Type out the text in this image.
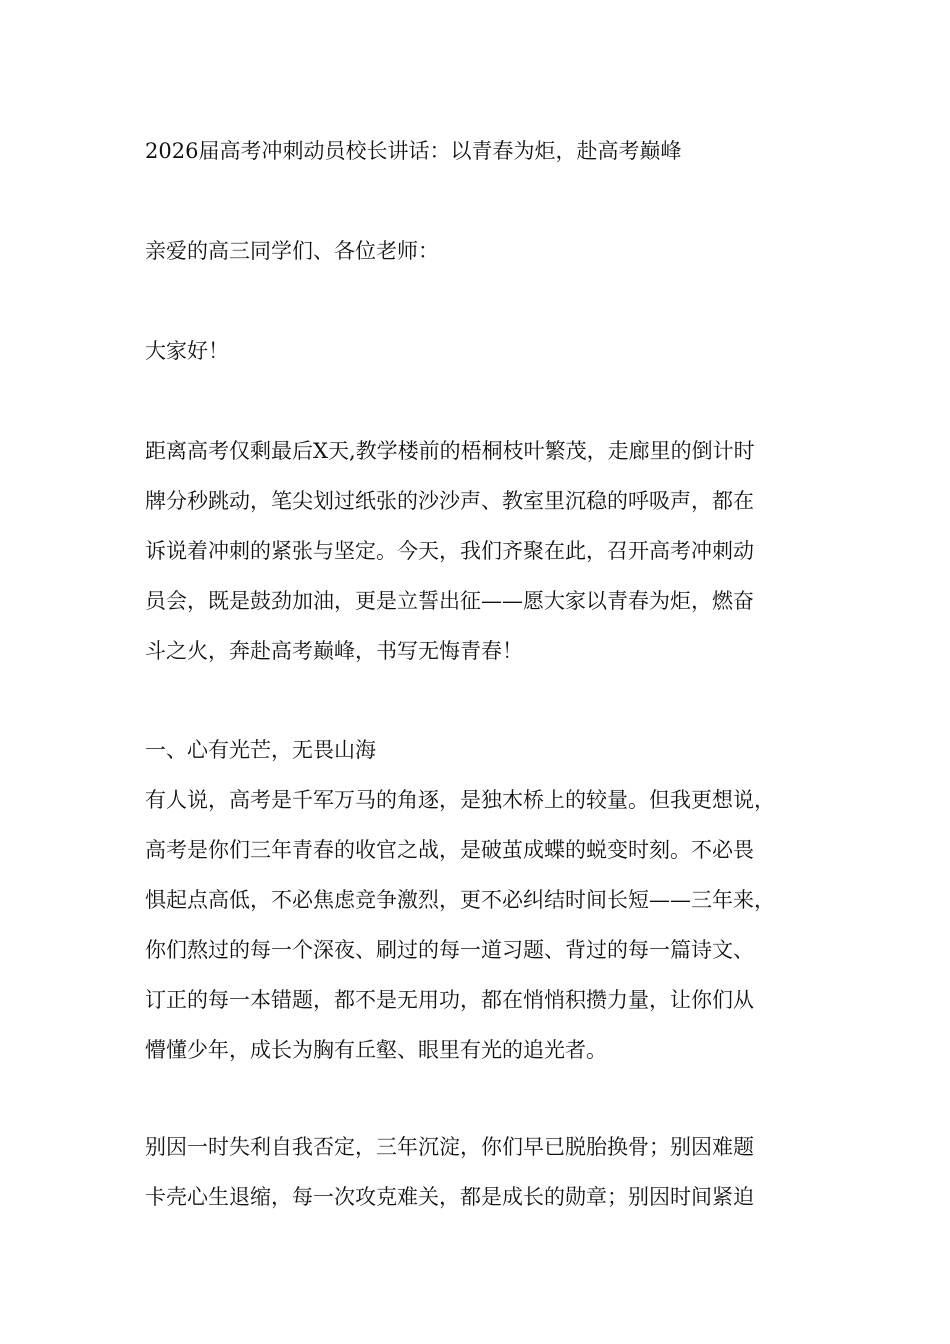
2026届高考冲刺动员校长讲话：以青春为炬，赴高考巅峰
亲爱的高三同学们、各位老师：
大家好！
距离高考仅剩最后X天,教学楼前的梧桐枝叶繁茂，走廊里的倒计时
牌分秒跳动，笔尖划过纸张的沙沙声、教室里沉稳的呼吸声，都在
诉说着冲刺的紧张与坚定。今天，我们齐聚在此，召开高考冲刺动
员会，既是鼓劲加油，更是立誓出征——愿大家以青春为炬，燃奋
斗之火，奔赴高考巅峰，书写无悔青春！
一、心有光芒，无畏山海
有人说，高考是千军万马的角逐，是独木桥上的较量。但我更想说，
高考是你们三年青春的收官之战，是破茧成蝶的蜕变时刻。不必畏
惧起点高低，不必焦虑竞争激烈，更不必纠结时间长短——三年来，
你们熬过的每一个深夜、刷过的每一道习题、背过的每一篇诗文、
订正的每一本错题，都不是无用功，都在悄悄积攒力量，让你们从
懵懂少年，成长为胸有丘壑、眼里有光的追光者。
别因一时失利自我否定，三年沉淀，你们早已脱胎换骨；别因难题
卡壳心生退缩，每一次攻克难关，都是成长的勋章；别因时间紧迫
